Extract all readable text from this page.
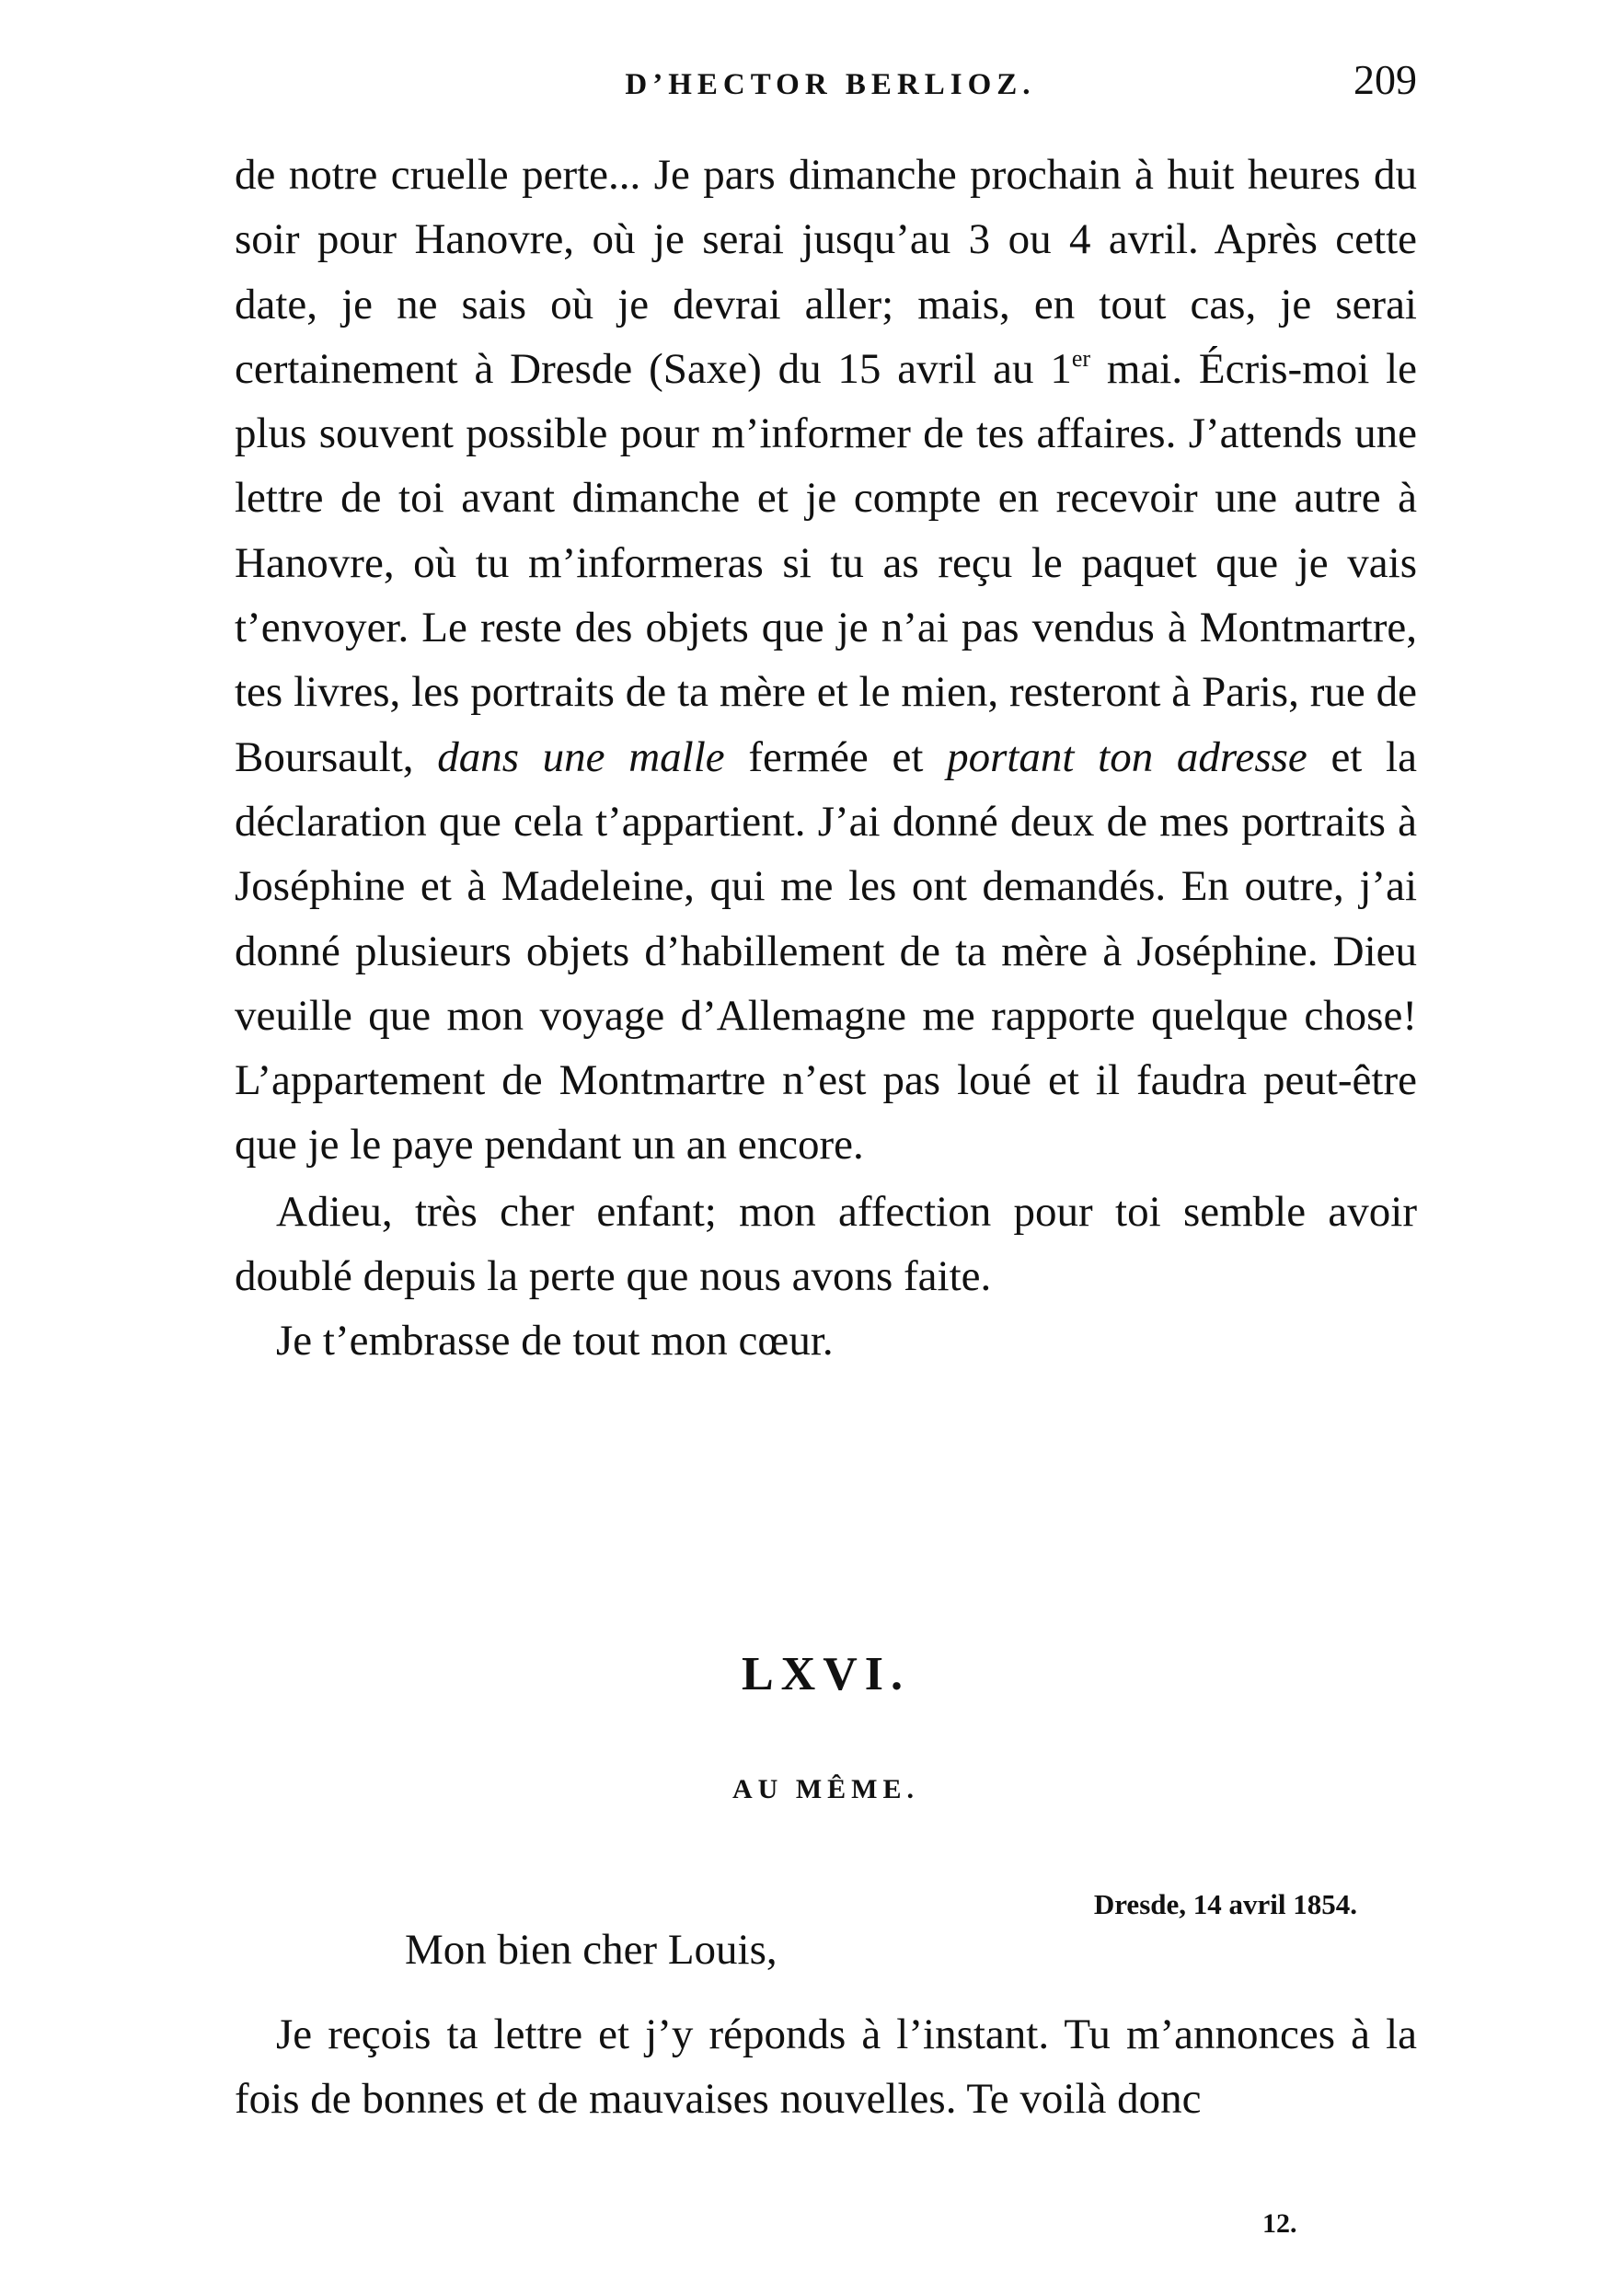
D’HECTOR BERLIOZ.	209

de notre cruelle perte... Je pars dimanche prochain à huit heures du soir pour Hanovre, où je serai jusqu’au 3 ou 4 avril. Après cette date, je ne sais où je devrai aller; mais, en tout cas, je serai certainement à Dresde (Saxe) du 15 avril au 1er mai. Écris-moi le plus souvent possible pour m’informer de tes affaires. J’attends une lettre de toi avant dimanche et je compte en recevoir une autre à Hanovre, où tu m’informeras si tu as reçu le paquet que je vais t’envoyer. Le reste des objets que je n’ai pas vendus à Montmartre, tes livres, les portraits de ta mère et le mien, resteront à Paris, rue de Boursault, dans une malle fermée et portant ton adresse et la déclaration que cela t’appartient. J’ai donné deux de mes portraits à Joséphine et à Madeleine, qui me les ont demandés. En outre, j’ai donné plusieurs objets d’habillement de ta mère à Joséphine. Dieu veuille que mon voyage d’Allemagne me rapporte quelque chose! L’appartement de Montmartre n’est pas loué et il faudra peut-être que je le paye pendant un an encore.

Adieu, très cher enfant; mon affection pour toi semble avoir doublé depuis la perte que nous avons faite.

Je t’embrasse de tout mon cœur.

LXVI.
AU MÊME.
Dresde, 14 avril 1854.
Mon bien cher Louis,

Je reçois ta lettre et j’y réponds à l’instant. Tu m’annonces à la fois de bonnes et de mauvaises nouvelles. Te voilà donc

12.
